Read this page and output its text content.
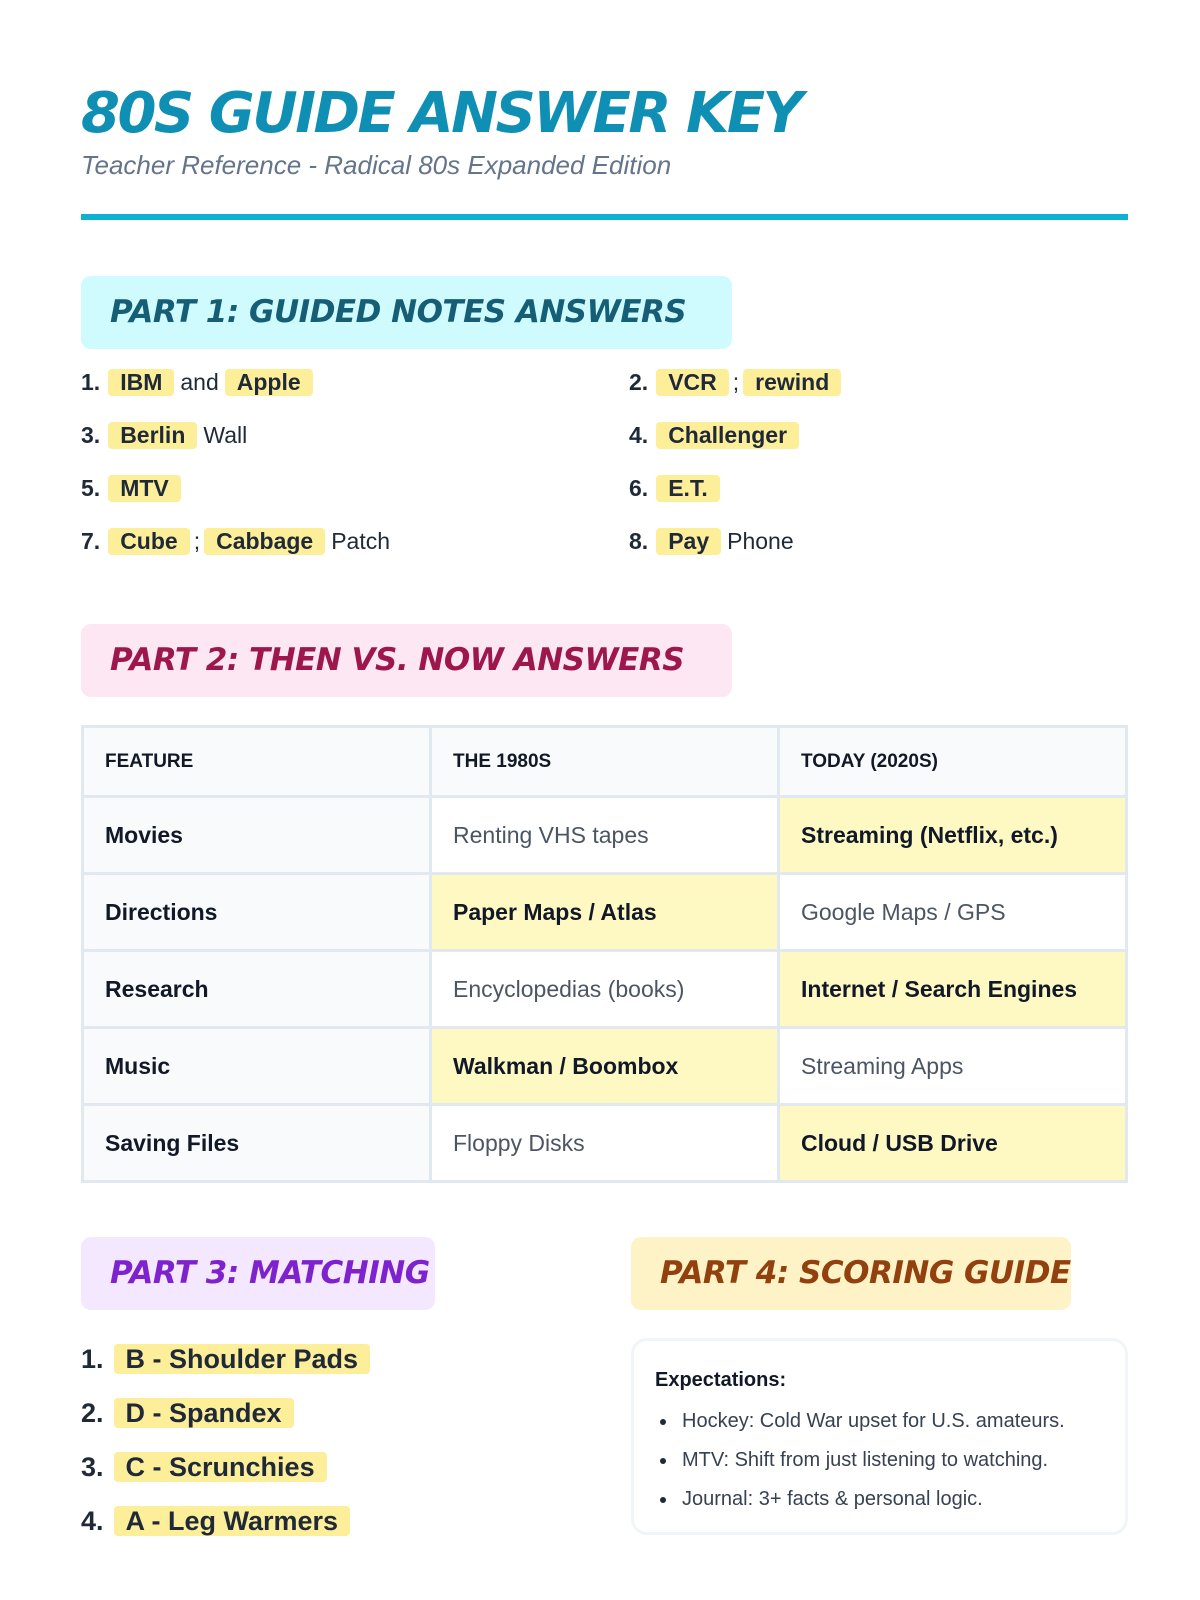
80S GUIDE ANSWER KEY
Teacher Reference - Radical 80s Expanded Edition
PART 1: GUIDED NOTES ANSWERS
1. IBM and Apple	2. VCR ; rewind
3. Berlin Wall	4. Challenger
5. MTV	6. E.T.
7. Cube ; Cabbage Patch	8. Pay Phone
PART 2: THEN VS. NOW ANSWERS
FEATURE	THE 1980S	TODAY (2020S)
Movies	Renting VHS tapes	Streaming (Netflix, etc.)
Directions	Paper Maps / Atlas	Google Maps / GPS
Research	Encyclopedias (books)	Internet / Search Engines
Music	Walkman / Boombox	Streaming Apps
Saving Files	Floppy Disks	Cloud / USB Drive
PART 3: MATCHING
1. B - Shoulder Pads
2. D - Spandex
3. C - Scrunchies
4. A - Leg Warmers
PART 4: SCORING GUIDE
Expectations:
Hockey: Cold War upset for U.S. amateurs.
MTV: Shift from just listening to watching.
Journal: 3+ facts & personal logic.
